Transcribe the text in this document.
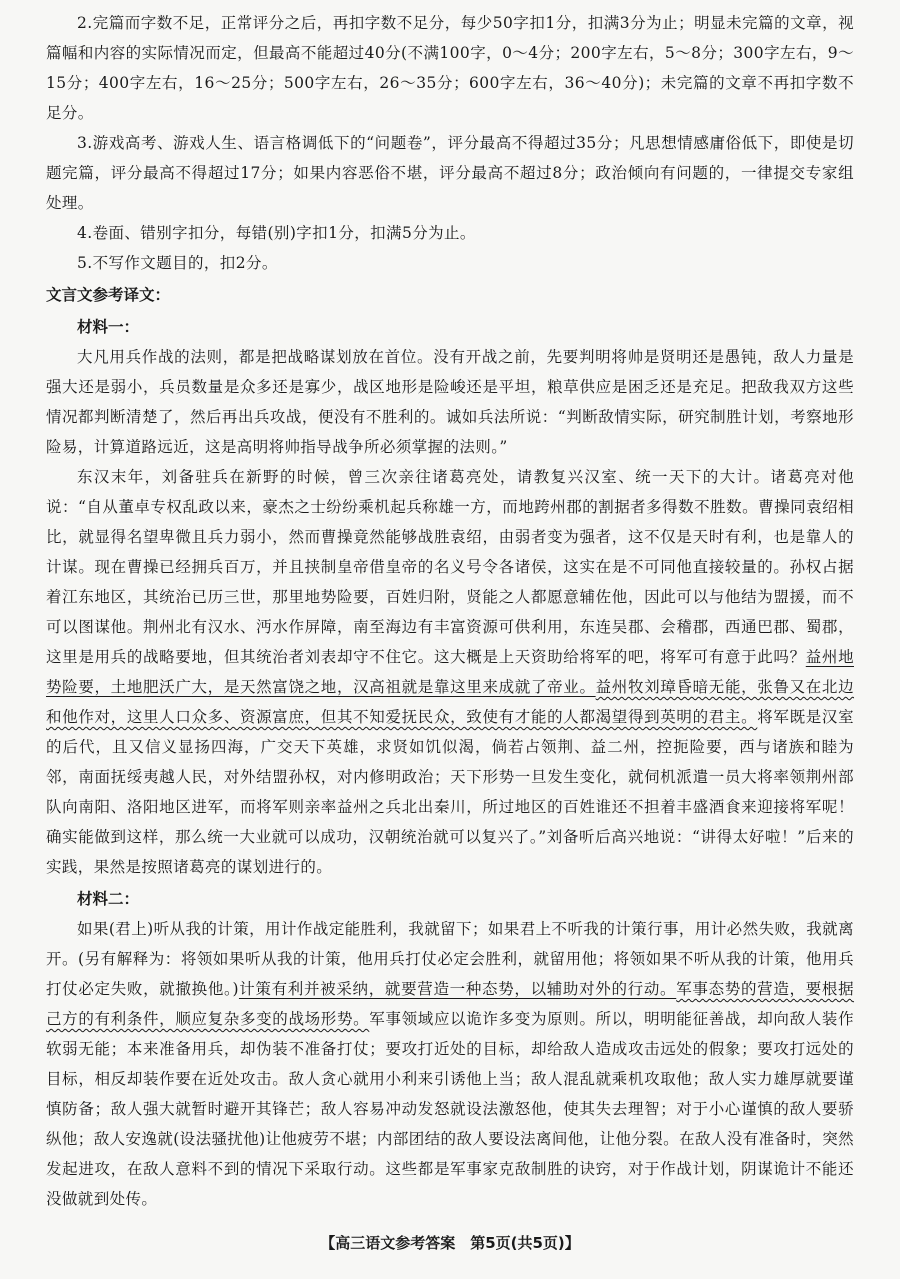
2.完篇而字数不足，正常评分之后，再扣字数不足分，每少50字扣1分，扣满3分为止；明显未完篇的文章，视篇幅和内容的实际情况而定，但最高不能超过40分(不满100字，0～4分；200字左右，5～8分；300字左右，9～15分；400字左右，16～25分；500字左右，26～35分；600字左右，36～40分)；未完篇的文章不再扣字数不足分。

3.游戏高考、游戏人生、语言格调低下的“问题卷”，评分最高不得超过35分；凡思想情感庸俗低下，即使是切题完篇，评分最高不得超过17分；如果内容恶俗不堪，评分最高不超过8分；政治倾向有问题的，一律提交专家组处理。

4.卷面、错别字扣分，每错(别)字扣1分，扣满5分为止。

5.不写作文题目的，扣2分。

文言文参考译文：

材料一：

大凡用兵作战的法则，都是把战略谋划放在首位。没有开战之前，先要判明将帅是贤明还是愚钝，敌人力量是强大还是弱小，兵员数量是众多还是寡少，战区地形是险峻还是平坦，粮草供应是困乏还是充足。把敌我双方这些情况都判断清楚了，然后再出兵攻战，便没有不胜利的。诚如兵法所说：“判断敌情实际，研究制胜计划，考察地形险易，计算道路远近，这是高明将帅指导战争所必须掌握的法则。”

东汉末年，刘备驻兵在新野的时候，曾三次亲往诸葛亮处，请教复兴汉室、统一天下的大计。诸葛亮对他说：“自从董卓专权乱政以来，豪杰之士纷纷乘机起兵称雄一方，而地跨州郡的割据者多得数不胜数。曹操同袁绍相比，就显得名望卑微且兵力弱小，然而曹操竟然能够战胜袁绍，由弱者变为强者，这不仅是天时有利，也是靠人的计谋。现在曹操已经拥兵百万，并且挟制皇帝借皇帝的名义号令各诸侯，这实在是不可同他直接较量的。孙权占据着江东地区，其统治已历三世，那里地势险要，百姓归附，贤能之人都愿意辅佐他，因此可以与他结为盟援，而不可以图谋他。荆州北有汉水、沔水作屏障，南至海边有丰富资源可供利用，东连吴郡、会稽郡，西通巴郡、蜀郡，这里是用兵的战略要地，但其统治者刘表却守不住它。这大概是上天资助给将军的吧，将军可有意于此吗？益州地势险要，土地肥沃广大，是天然富饶之地，汉高祖就是靠这里来成就了帝业。益州牧刘璋昏暗无能，张鲁又在北边和他作对，这里人口众多、资源富庶，但其不知爱抚民众，致使有才能的人都渴望得到英明的君主。将军既是汉室的后代，且又信义显扬四海，广交天下英雄，求贤如饥似渴，倘若占领荆、益二州，控扼险要，西与诸族和睦为邻，南面抚绥夷越人民，对外结盟孙权，对内修明政治；天下形势一旦发生变化，就伺机派遣一员大将率领荆州部队向南阳、洛阳地区进军，而将军则亲率益州之兵北出秦川，所过地区的百姓谁还不担着丰盛酒食来迎接将军呢！确实能做到这样，那么统一大业就可以成功，汉朝统治就可以复兴了。”刘备听后高兴地说：“讲得太好啦！”后来的实践，果然是按照诸葛亮的谋划进行的。

材料二：

如果(君上)听从我的计策，用计作战定能胜利，我就留下；如果君上不听我的计策行事，用计必然失败，我就离开。(另有解释为：将领如果听从我的计策，他用兵打仗必定会胜利，就留用他；将领如果不听从我的计策，他用兵打仗必定失败，就撤换他。)计策有利并被采纳，就要营造一种态势，以辅助对外的行动。军事态势的营造，要根据己方的有利条件，顺应复杂多变的战场形势。军事领域应以诡诈多变为原则。所以，明明能征善战，却向敌人装作软弱无能；本来准备用兵，却伪装不准备打仗；要攻打近处的目标，却给敌人造成攻击远处的假象；要攻打远处的目标，相反却装作要在近处攻击。敌人贪心就用小利来引诱他上当；敌人混乱就乘机攻取他；敌人实力雄厚就要谨慎防备；敌人强大就暂时避开其锋芒；敌人容易冲动发怒就设法激怒他，使其失去理智；对于小心谨慎的敌人要骄纵他；敌人安逸就(设法骚扰他)让他疲劳不堪；内部团结的敌人要设法离间他，让他分裂。在敌人没有准备时，突然发起进攻，在敌人意料不到的情况下采取行动。这些都是军事家克敌制胜的诀窍，对于作战计划，阴谋诡计不能还没做就到处传。

【高三语文参考答案　第5页(共5页)】
